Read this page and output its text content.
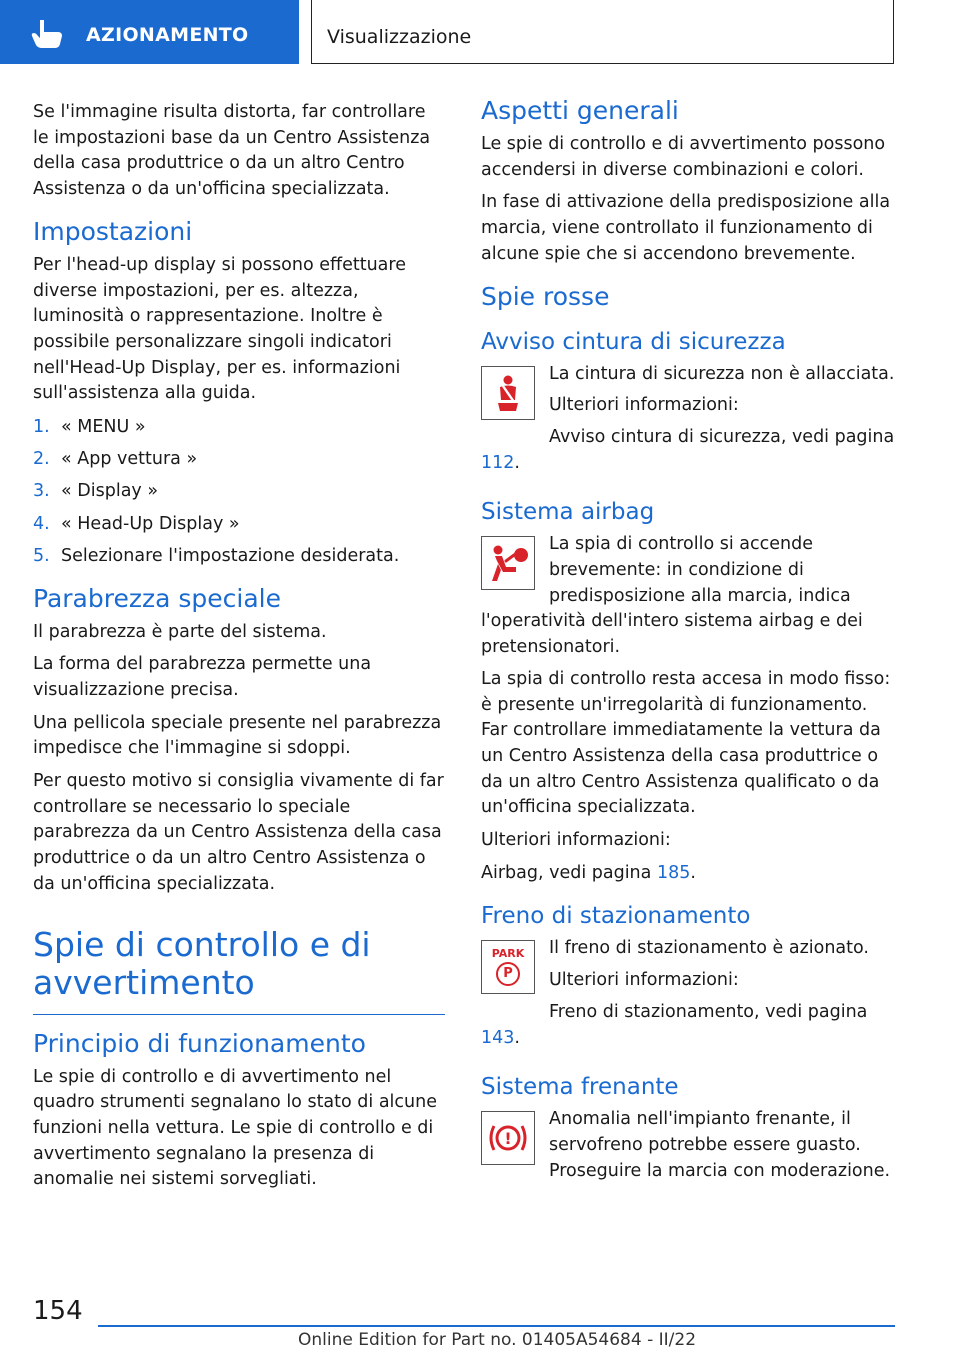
AZIONAMENTO	Visualizzazione

Se l'immagine risulta distorta, far controllare le impostazioni base da un Centro Assistenza della casa produttrice o da un altro Centro Assistenza o da un'officina specializzata.

Impostazioni

Per l'head-up display si possono effettuare diverse impostazioni, per es. altezza, luminosità o rappresentazione. Inoltre è possibile personalizzare singoli indicatori nell'Head-Up Display, per es. informazioni sull'assistenza alla guida.

1. « MENU »
2. « App vettura »
3. « Display »
4. « Head-Up Display »
5. Selezionare l'impostazione desiderata.
Parabrezza speciale

Il parabrezza è parte del sistema.

La forma del parabrezza permette una visualizzazione precisa.

Una pellicola speciale presente nel parabrezza impedisce che l'immagine si sdoppi.

Per questo motivo si consiglia vivamente di far controllare se necessario lo speciale parabrezza da un Centro Assistenza della casa produttrice o da un altro Centro Assistenza o da un'officina specializzata.

Spie di controllo e di avvertimento
Principio di funzionamento

Le spie di controllo e di avvertimento nel quadro strumenti segnalano lo stato di alcune funzioni nella vettura. Le spie di controllo e di avvertimento segnalano la presenza di anomalie nei sistemi sorvegliati.

Aspetti generali

Le spie di controllo e di avvertimento possono accendersi in diverse combinazioni e colori.

In fase di attivazione della predisposizione alla marcia, viene controllato il funzionamento di alcune spie che si accendono brevemente.

Spie rosse
Avviso cintura di sicurezza

La cintura di sicurezza non è allacciata.

Ulteriori informazioni:

Avviso cintura di sicurezza, vedi pagina 112.

Sistema airbag

La spia di controllo si accende brevemente: in condizione di predisposizione alla marcia, indica l'operatività dell'intero sistema airbag e dei pretensionatori.

La spia di controllo resta accesa in modo fisso: è presente un'irregolarità di funzionamento. Far controllare immediatamente la vettura da un Centro Assistenza della casa produttrice o da un altro Centro Assistenza qualificato o da un'officina specializzata.

Ulteriori informazioni:

Airbag, vedi pagina 185.

Freno di stazionamento
PARK
P

Il freno di stazionamento è azionato.

Ulteriori informazioni:

Freno di stazionamento, vedi pagina 143.

Sistema frenante
!

Anomalia nell'impianto frenante, il servofreno potrebbe essere guasto. Proseguire la marcia con moderazione.

154
Online Edition for Part no. 01405A54684 - II/22
